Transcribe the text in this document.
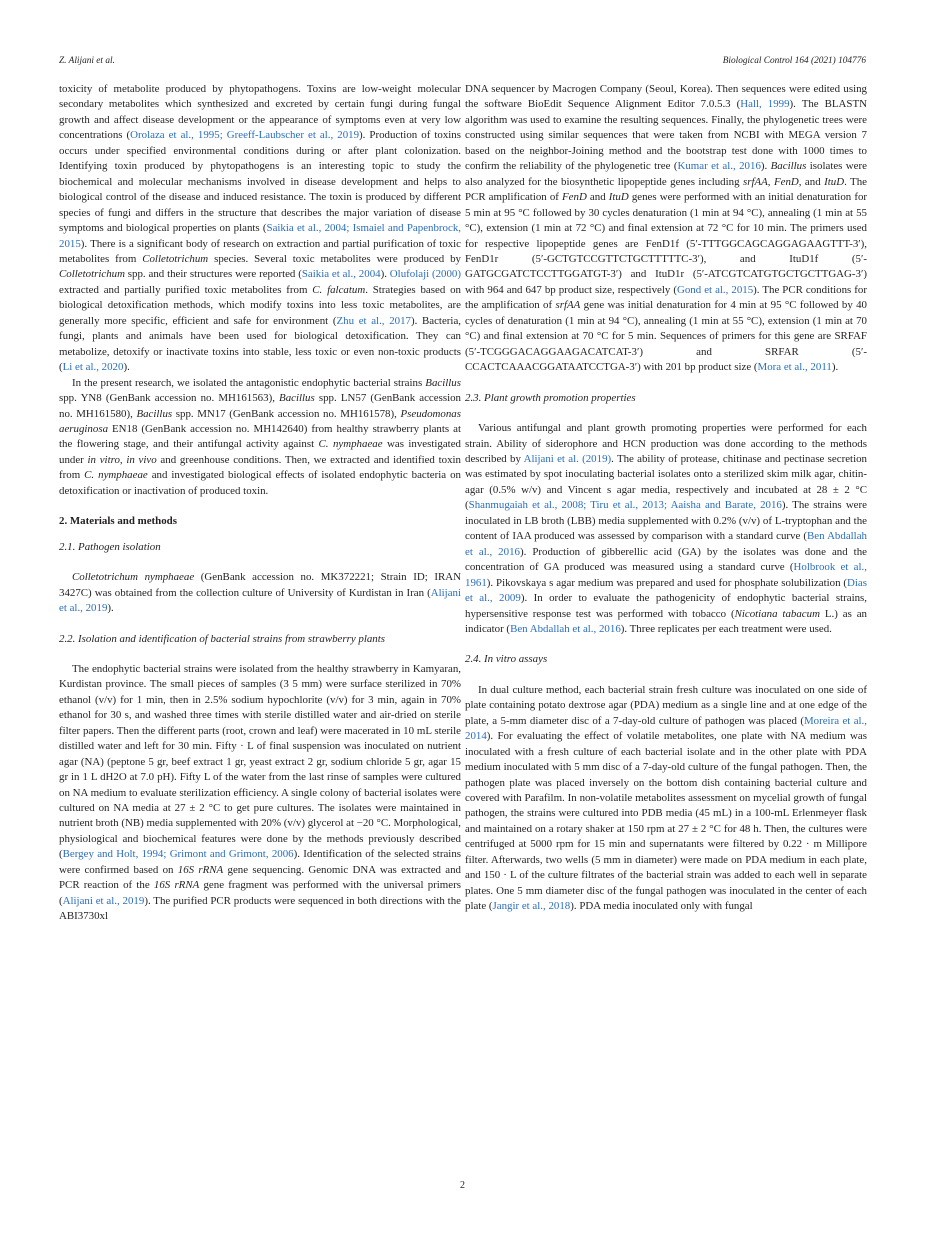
Z. Alijani et al.	Biological Control 164 (2021) 104776

toxicity of metabolite produced by phytopathogens. Toxins are low-weight molecular secondary metabolites which synthesized and excreted by certain fungi during fungal growth and affect disease development or the appearance of symptoms even at very low concentrations (Orolaza et al., 1995; Greeff-Laubscher et al., 2019). Production of toxins occurs under specified environmental conditions during or after plant colonization. Identifying toxin produced by phytopathogens is an interesting topic to study the biochemical and molecular mechanisms involved in disease development and helps to biological control of the disease and induced resistance. The toxin is produced by different species of fungi and differs in the structure that describes the major variation of disease symptoms and biological properties on plants (Saikia et al., 2004; Ismaiel and Papenbrock, 2015). There is a significant body of research on extraction and partial purification of toxic metabolites from Colletotrichum species. Several toxic metabolites were produced by Colletotrichum spp. and their structures were reported (Saikia et al., 2004). Olufolaji (2000) extracted and partially purified toxic metabolites from C. falcatum. Strategies based on biological detoxification methods, which modify toxins into less toxic metabolites, are generally more specific, efficient and safe for environment (Zhu et al., 2017). Bacteria, fungi, plants and animals have been used for biological detoxification. They can metabolize, detoxify or inactivate toxins into stable, less toxic or even non-toxic products (Li et al., 2020).

In the present research, we isolated the antagonistic endophytic bacterial strains Bacillus spp. YN8 (GenBank accession no. MH161563), Bacillus spp. LN57 (GenBank accession no. MH161580), Bacillus spp. MN17 (GenBank accession no. MH161578), Pseudomonas aeruginosa EN18 (GenBank accession no. MH142640) from healthy strawberry plants at the flowering stage, and their antifungal activity against C. nymphaeae was investigated under in vitro, in vivo and greenhouse conditions. Then, we extracted and identified toxin from C. nymphaeae and investigated biological effects of isolated endophytic bacteria on detoxification or inactivation of produced toxin.

2. Materials and methods
2.1. Pathogen isolation

Colletotrichum nymphaeae (GenBank accession no. MK372221; Strain ID; IRAN 3427C) was obtained from the collection culture of University of Kurdistan in Iran (Alijani et al., 2019).

2.2. Isolation and identification of bacterial strains from strawberry plants

The endophytic bacterial strains were isolated from the healthy strawberry in Kamyaran, Kurdistan province. The small pieces of samples (3 5 mm) were surface sterilized in 70% ethanol (v/v) for 1 min, then in 2.5% sodium hypochlorite (v/v) for 3 min, again in 70% ethanol for 30 s, and washed three times with sterile distilled water and air-dried on sterile filter papers. Then the different parts (root, crown and leaf) were macerated in 10 mL sterile distilled water and left for 30 min. Fifty · L of final suspension was inoculated on nutrient agar (NA) (peptone 5 gr, beef extract 1 gr, yeast extract 2 gr, sodium chloride 5 gr, agar 15 gr in 1 L dH2O at 7.0 pH). Fifty L of the water from the last rinse of samples were cultured on NA medium to evaluate sterilization efficiency. A single colony of bacterial isolates were cultured on NA media at 27 ± 2 °C to get pure cultures. The isolates were maintained in nutrient broth (NB) media supplemented with 20% (v/v) glycerol at −20 °C. Morphological, physiological and biochemical features were done by the methods previously described (Bergey and Holt, 1994; Grimont and Grimont, 2006). Identification of the selected strains were confirmed based on 16S rRNA gene sequencing. Genomic DNA was extracted and PCR reaction of the 16S rRNA gene fragment was performed with the universal primers (Alijani et al., 2019). The purified PCR products were sequenced in both directions with the ABI3730xl

DNA sequencer by Macrogen Company (Seoul, Korea). Then sequences were edited using the software BioEdit Sequence Alignment Editor 7.0.5.3 (Hall, 1999). The BLASTN algorithm was used to examine the resulting sequences. Finally, the phylogenetic trees were constructed using similar sequences that were taken from NCBI with MEGA version 7 based on the neighbor-Joining method and the bootstrap test done with 1000 times to confirm the reliability of the phylogenetic tree (Kumar et al., 2016). Bacillus isolates were also analyzed for the biosynthetic lipopeptide genes including srfAA, FenD, and ItuD. The PCR amplification of FenD and ItuD genes were performed with an initial denaturation for 5 min at 95 °C followed by 30 cycles denaturation (1 min at 94 °C), annealing (1 min at 55 °C), extension (1 min at 72 °C) and final extension at 72 °C for 10 min. The primers used for respective lipopeptide genes are FenD1f (5′-TTTGGCAGCAGGAGAAGTTT-3′), FenD1r (5′-GCTGTCCGTTCTGCTTTTTC-3′), and ItuD1f (5′-GATGCGATCTCCTTGGATGT-3′) and ItuD1r (5′-ATCGTCATGTGCTGCTTGAG-3′) with 964 and 647 bp product size, respectively (Gond et al., 2015). The PCR conditions for the amplification of srfAA gene was initial denaturation for 4 min at 95 °C followed by 40 cycles of denaturation (1 min at 94 °C), annealing (1 min at 55 °C), extension (1 min at 70 °C) and final extension at 70 °C for 5 min. Sequences of primers for this gene are SRFAF (5′-TCGGGACAGGAAGACATCAT-3′) and SRFAR (5′-CCACTCAAACGGATAATCCTGA-3′) with 201 bp product size (Mora et al., 2011).

2.3. Plant growth promotion properties

Various antifungal and plant growth promoting properties were performed for each strain. Ability of siderophore and HCN production was done according to the methods described by Alijani et al. (2019). The ability of protease, chitinase and pectinase secretion was estimated by spot inoculating bacterial isolates onto a sterilized skim milk agar, chitin-agar (0.5% w/v) and Vincent s agar media, respectively and incubated at 28 ± 2 °C (Shanmugaiah et al., 2008; Tiru et al., 2013; Aaisha and Barate, 2016). The strains were inoculated in LB broth (LBB) media supplemented with 0.2% (v/v) of L-tryptophan and the content of IAA produced was assessed by comparison with a standard curve (Ben Abdallah et al., 2016). Production of gibberellic acid (GA) by the isolates was done and the concentration of GA produced was measured using a standard curve (Holbrook et al., 1961). Pikovskaya s agar medium was prepared and used for phosphate solubilization (Dias et al., 2009). In order to evaluate the pathogenicity of endophytic bacterial strains, hypersensitive response test was performed with tobacco (Nicotiana tabacum L.) as an indicator (Ben Abdallah et al., 2016). Three replicates per each treatment were used.

2.4. In vitro assays

In dual culture method, each bacterial strain fresh culture was inoculated on one side of plate containing potato dextrose agar (PDA) medium as a single line and at one edge of the plate, a 5-mm diameter disc of a 7-day-old culture of pathogen was placed (Moreira et al., 2014). For evaluating the effect of volatile metabolites, one plate with NA medium was inoculated with a fresh culture of each bacterial isolate and in the other plate with PDA medium inoculated with 5 mm disc of a 7-day-old culture of the fungal pathogen. Then, the pathogen plate was placed inversely on the bottom dish containing bacterial culture and covered with Parafilm. In non-volatile metabolites assessment on mycelial growth of fungal pathogen, the strains were cultured into PDB media (45 mL) in a 100-mL Erlenmeyer flask and maintained on a rotary shaker at 150 rpm at 27 ± 2 °C for 48 h. Then, the cultures were centrifuged at 5000 rpm for 15 min and supernatants were filtered by 0.22 · m Millipore filter. Afterwards, two wells (5 mm in diameter) were made on PDA medium in each plate, and 150 · L of the culture filtrates of the bacterial strain was added to each well in separate plates. One 5 mm diameter disc of the fungal pathogen was inoculated in the center of each plate (Jangir et al., 2018). PDA media inoculated only with fungal

2
